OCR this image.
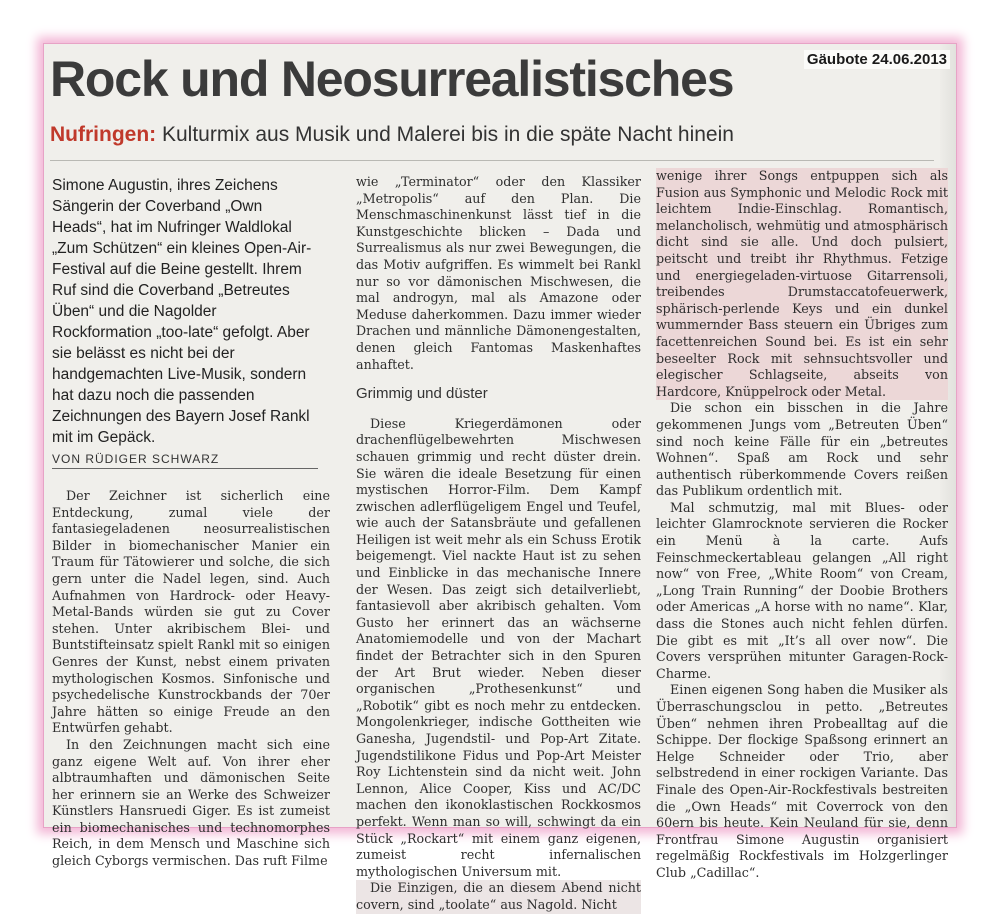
Gäubote 24.06.2013
Rock und Neosurrealistisches
Nufringen: Kulturmix aus Musik und Malerei bis in die späte Nacht hinein

Simone Augustin, ihres Zeichens Sängerin der Coverband „Own Heads“, hat im Nufringer Waldlokal „Zum Schützen“ ein kleines Open-Air-Festival auf die Beine gestellt. Ihrem Ruf sind die Coverband „Betreutes Üben“ und die Nagolder Rockformation „too-late“ gefolgt. Aber sie belässt es nicht bei der handgemachten Live-Musik, sondern hat dazu noch die passenden Zeichnungen des Bayern Josef Rankl mit im Gepäck.

VON RÜDIGER SCHWARZ

Der Zeichner ist sicherlich eine Entdeckung, zumal viele der fantasiegeladenen neosurrealistischen Bilder in biomechanischer Manier ein Traum für Tätowierer und solche, die sich gern unter die Nadel legen, sind. Auch Aufnahmen von Hardrock- oder Heavy-Metal-Bands würden sie gut zu Cover stehen. Unter akribischem Blei- und Buntstifteinsatz spielt Rankl mit so einigen Genres der Kunst, nebst einem privaten mythologischen Kosmos. Sinfonische und psychedelische Kunstrockbands der 70er Jahre hätten so einige Freude an den Entwürfen gehabt.

In den Zeichnungen macht sich eine ganz eigene Welt auf. Von ihrer eher albtraumhaften und dämonischen Seite her erinnern sie an Werke des Schweizer Künstlers Hansruedi Giger. Es ist zumeist ein biomechanisches und technomorphes Reich, in dem Mensch und Maschine sich gleich Cyborgs vermischen. Das ruft Filme

wie „Terminator“ oder den Klassiker „Metropolis“ auf den Plan. Die Menschmaschinenkunst lässt tief in die Kunstgeschichte blicken – Dada und Surrealismus als nur zwei Bewegungen, die das Motiv aufgriffen. Es wimmelt bei Rankl nur so vor dämonischen Mischwesen, die mal androgyn, mal als Amazone oder Meduse daherkommen. Dazu immer wieder Drachen und männliche Dämonengestalten, denen gleich Fantomas Maskenhaftes anhaftet.

Grimmig und düster

Diese Kriegerdämonen oder drachenflügelbewehrten Mischwesen schauen grimmig und recht düster drein. Sie wären die ideale Besetzung für einen mystischen Horror-Film. Dem Kampf zwischen adlerflügeligem Engel und Teufel, wie auch der Satansbräute und gefallenen Heiligen ist weit mehr als ein Schuss Erotik beigemengt. Viel nackte Haut ist zu sehen und Einblicke in das mechanische Innere der Wesen. Das zeigt sich detailverliebt, fantasievoll aber akribisch gehalten. Vom Gusto her erinnert das an wächserne Anatomiemodelle und von der Machart findet der Betrachter sich in den Spuren der Art Brut wieder. Neben dieser organischen „Prothesenkunst“ und „Robotik“ gibt es noch mehr zu entdecken. Mongolenkrieger, indische Gottheiten wie Ganesha, Jugendstil- und Pop-Art Zitate. Jugendstilikone Fidus und Pop-Art Meister Roy Lichtenstein sind da nicht weit. John Lennon, Alice Cooper, Kiss und AC/DC machen den ikonoklastischen Rockkosmos perfekt. Wenn man so will, schwingt da ein Stück „Rockart“ mit einem ganz eigenen, zumeist recht infernalischen mythologischen Universum mit.

Die Einzigen, die an diesem Abend nicht covern, sind „toolate“ aus Nagold. Nicht

wenige ihrer Songs entpuppen sich als Fusion aus Symphonic und Melodic Rock mit leichtem Indie-Einschlag. Romantisch, melancholisch, wehmütig und atmosphärisch dicht sind sie alle. Und doch pulsiert, peitscht und treibt ihr Rhythmus. Fetzige und energiegeladen-virtuose Gitarrensoli, treibendes Drumstaccatofeuerwerk, sphärisch-perlende Keys und ein dunkel wummernder Bass steuern ein Übriges zum facettenreichen Sound bei. Es ist ein sehr beseelter Rock mit sehnsuchtsvoller und elegischer Schlagseite, abseits von Hardcore, Knüppelrock oder Metal.

Die schon ein bisschen in die Jahre gekommenen Jungs vom „Betreuten Üben“ sind noch keine Fälle für ein „betreutes Wohnen“. Spaß am Rock und sehr authentisch rüberkommende Covers reißen das Publikum ordentlich mit.

Mal schmutzig, mal mit Blues- oder leichter Glamrocknote servieren die Rocker ein Menü à la carte. Aufs Feinschmeckertableau gelangen „All right now“ von Free, „White Room“ von Cream, „Long Train Running“ der Doobie Brothers oder Americas „A horse with no name“. Klar, dass die Stones auch nicht fehlen dürfen. Die gibt es mit „It’s all over now“. Die Covers versprühen mitunter Garagen-Rock-Charme.

Einen eigenen Song haben die Musiker als Überraschungsclou in petto. „Betreutes Üben“ nehmen ihren Probealltag auf die Schippe. Der flockige Spaßsong erinnert an Helge Schneider oder Trio, aber selbstredend in einer rockigen Variante. Das Finale des Open-Air-Rockfestivals bestreiten die „Own Heads“ mit Coverrock von den 60ern bis heute. Kein Neuland für sie, denn Frontfrau Simone Augustin organisiert regelmäßig Rockfestivals im Holzgerlinger Club „Cadillac“.
